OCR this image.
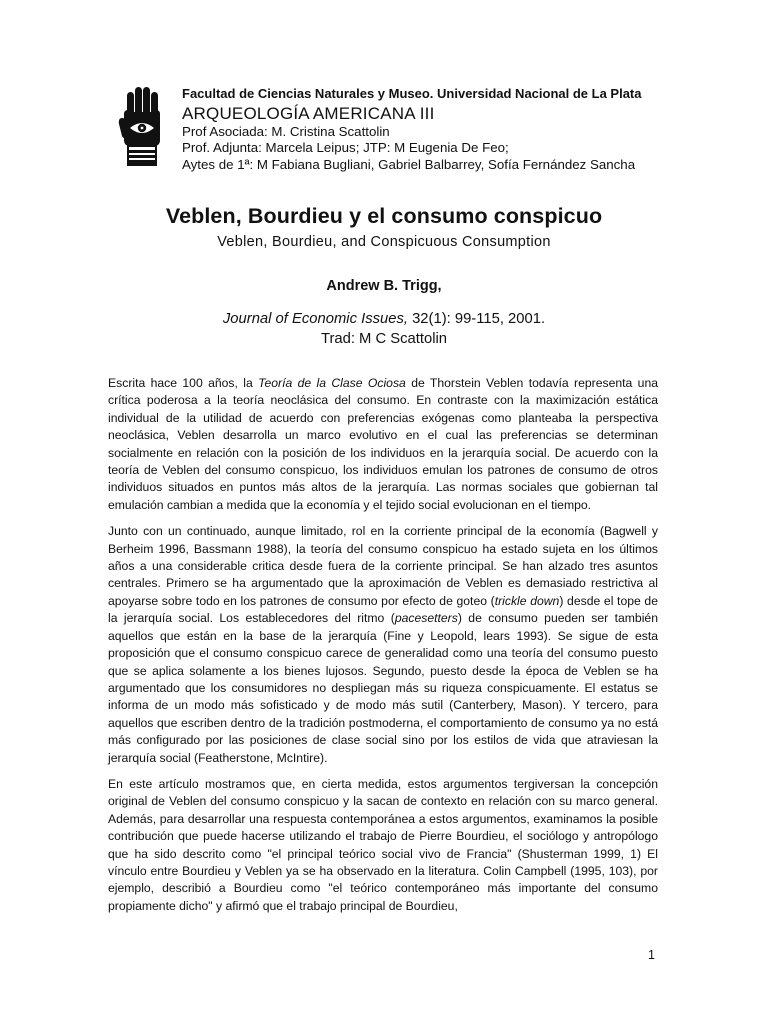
Facultad de Ciencias Naturales y Museo. Universidad Nacional de La Plata
ARQUEOLOGÍA AMERICANA III
Prof Asociada: M. Cristina Scattolin
Prof. Adjunta: Marcela Leipus; JTP: M Eugenia De Feo;
Aytes de 1ª: M Fabiana Bugliani, Gabriel Balbarrey, Sofía Fernández Sancha
Veblen, Bourdieu y el consumo conspicuo
Veblen, Bourdieu, and Conspicuous Consumption
Andrew B. Trigg,
Journal of Economic Issues, 32(1): 99-115, 2001.
Trad: M C Scattolin

Escrita hace 100 años, la Teoría de la Clase Ociosa de Thorstein Veblen todavía representa una crítica poderosa a la teoría neoclásica del consumo. En contraste con la maximización estática individual de la utilidad de acuerdo con preferencias exógenas como planteaba la perspectiva neoclásica, Veblen desarrolla un marco evolutivo en el cual las preferencias se determinan socialmente en relación con la posición de los individuos en la jerarquía social. De acuerdo con la teoría de Veblen del consumo conspicuo, los individuos emulan los patrones de consumo de otros individuos situados en puntos más altos de la jerarquía. Las normas sociales que gobiernan tal emulación cambian a medida que la economía y el tejido social evolucionan en el tiempo.

Junto con un continuado, aunque limitado, rol en la corriente principal de la economía (Bagwell y Berheim 1996, Bassmann 1988), la teoría del consumo conspicuo ha estado sujeta en los últimos años a una considerable critica desde fuera de la corriente principal. Se han alzado tres asuntos centrales. Primero se ha argumentado que la aproximación de Veblen es demasiado restrictiva al apoyarse sobre todo en los patrones de consumo por efecto de goteo (trickle down) desde el tope de la jerarquía social. Los establecedores del ritmo (pacesetters) de consumo pueden ser también aquellos que están en la base de la jerarquía (Fine y Leopold, lears 1993). Se sigue de esta proposición que el consumo conspicuo carece de generalidad como una teoría del consumo puesto que se aplica solamente a los bienes lujosos. Segundo, puesto desde la época de Veblen se ha argumentado que los consumidores no despliegan más su riqueza conspicuamente. El estatus se informa de un modo más sofisticado y de modo más sutil (Canterbery, Mason). Y tercero, para aquellos que escriben dentro de la tradición postmoderna, el comportamiento de consumo ya no está más configurado por las posiciones de clase social sino por los estilos de vida que atraviesan la jerarquía social (Featherstone, McIntire).

En este artículo mostramos que, en cierta medida, estos argumentos tergiversan la concepción original de Veblen del consumo conspicuo y la sacan de contexto en relación con su marco general. Además, para desarrollar una respuesta contemporánea a estos argumentos, examinamos la posible contribución que puede hacerse utilizando el trabajo de Pierre Bourdieu, el sociólogo y antropólogo que ha sido descrito como "el principal teórico social vivo de Francia" (Shusterman 1999, 1) El vínculo entre Bourdieu y Veblen ya se ha observado en la literatura. Colin Campbell (1995, 103), por ejemplo, describió a Bourdieu como "el teórico contemporáneo más importante del consumo propiamente dicho" y afirmó que el trabajo principal de Bourdieu,

1
